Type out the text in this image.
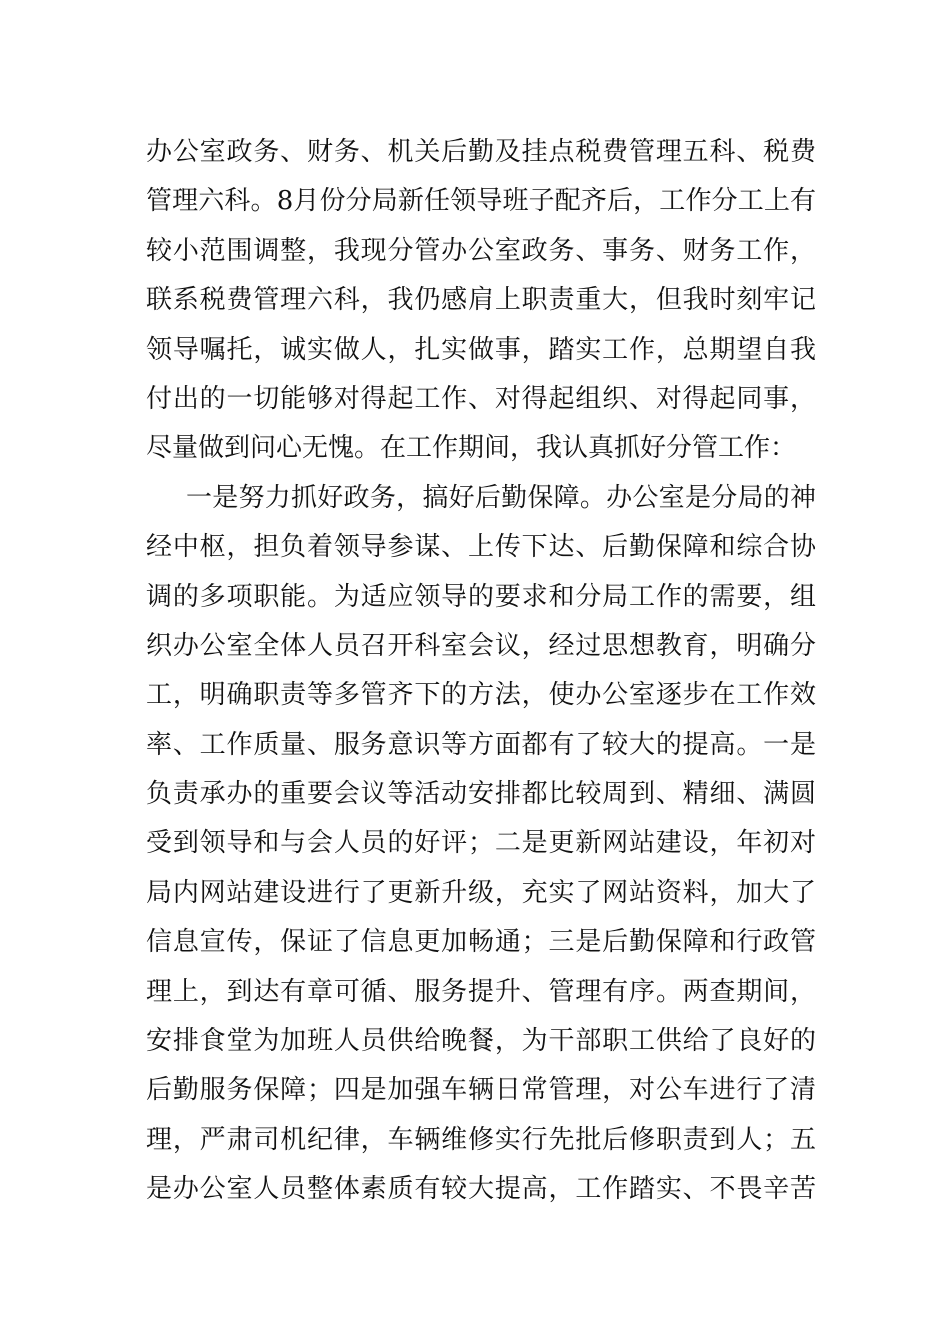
办公室政务、财务、机关后勤及挂点税费管理五科、税费
管理六科。8月份分局新任领导班子配齐后，工作分工上有
较小范围调整，我现分管办公室政务、事务、财务工作，
联系税费管理六科，我仍感肩上职责重大，但我时刻牢记
领导嘱托，诚实做人，扎实做事，踏实工作，总期望自我
付出的一切能够对得起工作、对得起组织、对得起同事，
尽量做到问心无愧。在工作期间，我认真抓好分管工作：
一是努力抓好政务，搞好后勤保障。办公室是分局的神
经中枢，担负着领导参谋、上传下达、后勤保障和综合协
调的多项职能。为适应领导的要求和分局工作的需要，组
织办公室全体人员召开科室会议，经过思想教育，明确分
工，明确职责等多管齐下的方法，使办公室逐步在工作效
率、工作质量、服务意识等方面都有了较大的提高。一是
负责承办的重要会议等活动安排都比较周到、精细、满圆
受到领导和与会人员的好评；二是更新网站建设，年初对
局内网站建设进行了更新升级，充实了网站资料，加大了
信息宣传，保证了信息更加畅通；三是后勤保障和行政管
理上，到达有章可循、服务提升、管理有序。两查期间，
安排食堂为加班人员供给晚餐，为干部职工供给了良好的
后勤服务保障；四是加强车辆日常管理，对公车进行了清
理，严肃司机纪律，车辆维修实行先批后修职责到人；五
是办公室人员整体素质有较大提高，工作踏实、不畏辛苦
